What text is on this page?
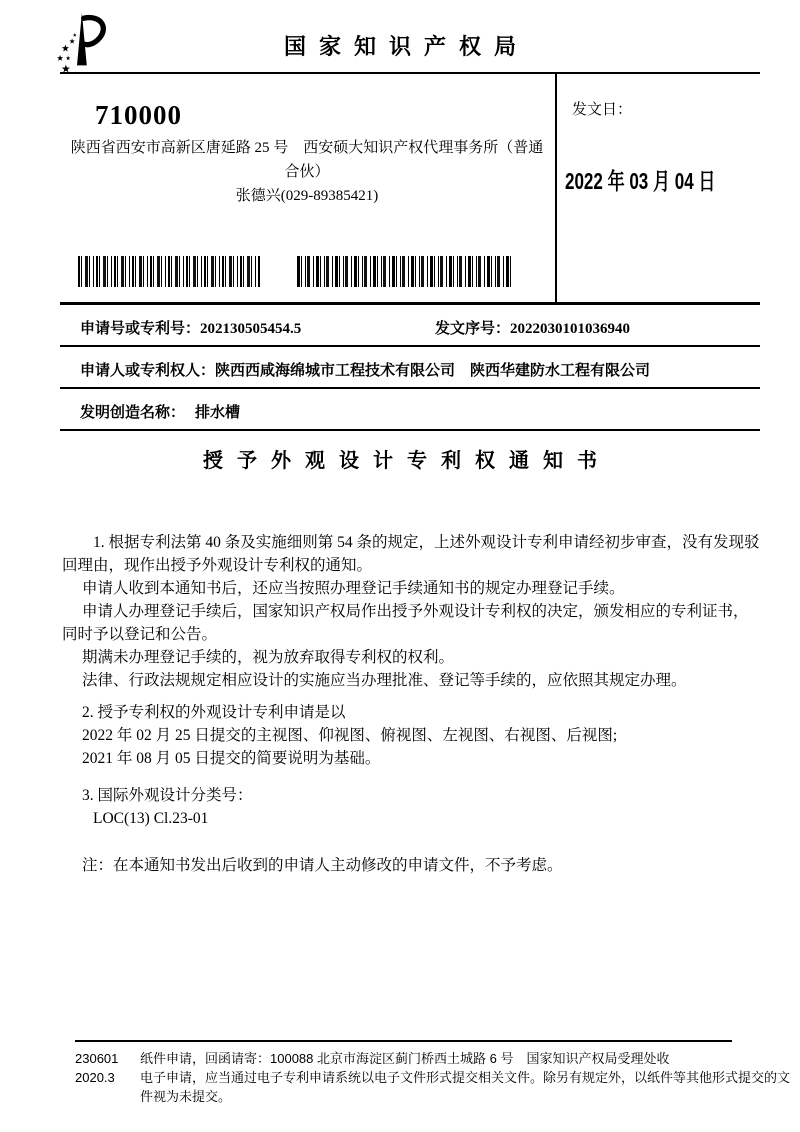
国家知识产权局
710000
陕西省西安市高新区唐延路 25 号　西安硕大知识产权代理事务所（普通合伙）
张德兴(029-89385421)
发文日：
2022 年 03 月 04 日
申请号或专利号：202130505454.5	发文序号：2022030101036940
申请人或专利权人：陕西西咸海绵城市工程技术有限公司　陕西华建防水工程有限公司
发明创造名称： 排水槽
授予外观设计专利权通知书

1. 根据专利法第 40 条及实施细则第 54 条的规定，上述外观设计专利申请经初步审查，没有发现驳回理由，现作出授予外观设计专利权的通知。

申请人收到本通知书后，还应当按照办理登记手续通知书的规定办理登记手续。

申请人办理登记手续后，国家知识产权局作出授予外观设计专利权的决定，颁发相应的专利证书，同时予以登记和公告。

期满未办理登记手续的，视为放弃取得专利权的权利。

法律、行政法规规定相应设计的实施应当办理批准、登记等手续的，应依照其规定办理。

2. 授予专利权的外观设计专利申请是以

2022 年 02 月 25 日提交的主视图、仰视图、俯视图、左视图、右视图、后视图;

2021 年 08 月 05 日提交的简要说明为基础。

3. 国际外观设计分类号：

LOC(13) Cl.23-01

注：在本通知书发出后收到的申请人主动修改的申请文件，不予考虑。

230601
2020.3

纸件申请，回函请寄：100088 北京市海淀区蓟门桥西土城路 6 号　国家知识产权局受理处收

电子申请，应当通过电子专利申请系统以电子文件形式提交相关文件。除另有规定外，以纸件等其他形式提交的文件视为未提交。
